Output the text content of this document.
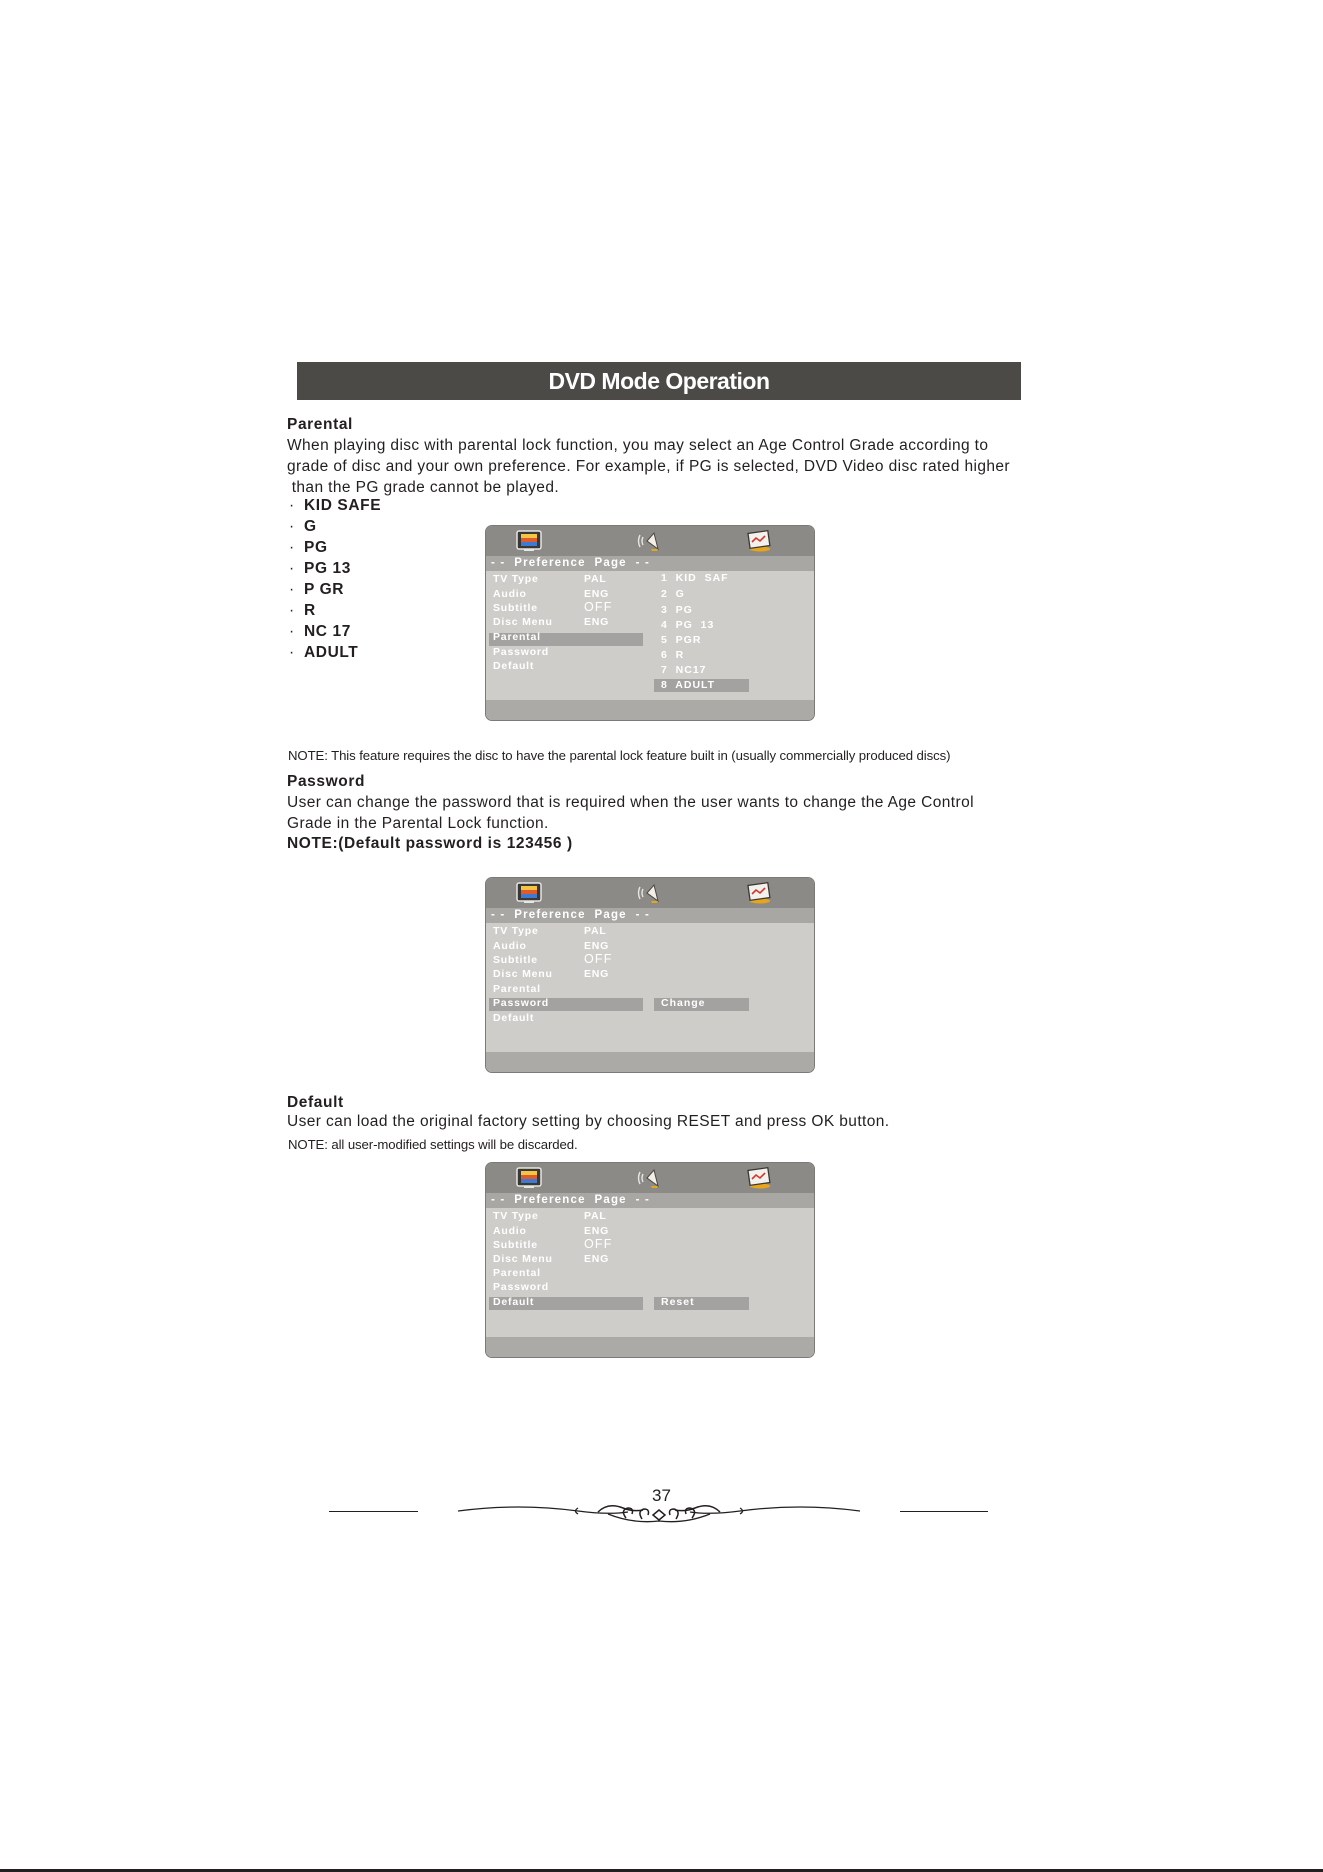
DVD Mode Operation
Parental
When playing disc with parental lock function, you may select an Age Control Grade according to
grade of disc and your own preference. For example, if PG is selected, DVD Video disc rated higher
than the PG grade cannot be played.
· KID SAFE
· G
· PG
· PG 13
· P GR
· R
· NC 17
· ADULT
- -  Preference  Page  - -
TV Type
Audio
Subtitle
Disc Menu
Parental
Password
Default
PAL
ENG
OFF
ENG
1  KID  SAF
2  G
3  PG
4  PG  13
5  PGR
6  R
7  NC17
8  ADULT
NOTE: This feature requires the disc to have the parental lock feature built in (usually commercially produced discs)
Password
User can change the password that is required when the user wants to change the Age Control
Grade in the Parental Lock function.
NOTE:(Default password is 123456 )
- -  Preference  Page  - -
TV Type
Audio
Subtitle
Disc Menu
Parental
Password
Default
PAL
ENG
OFF
ENG
Change
Default
User can load the original factory setting by choosing RESET and press OK button.
NOTE: all user-modified settings will be discarded.
- -  Preference  Page  - -
TV Type
Audio
Subtitle
Disc Menu
Parental
Password
Default
PAL
ENG
OFF
ENG
Reset
37
